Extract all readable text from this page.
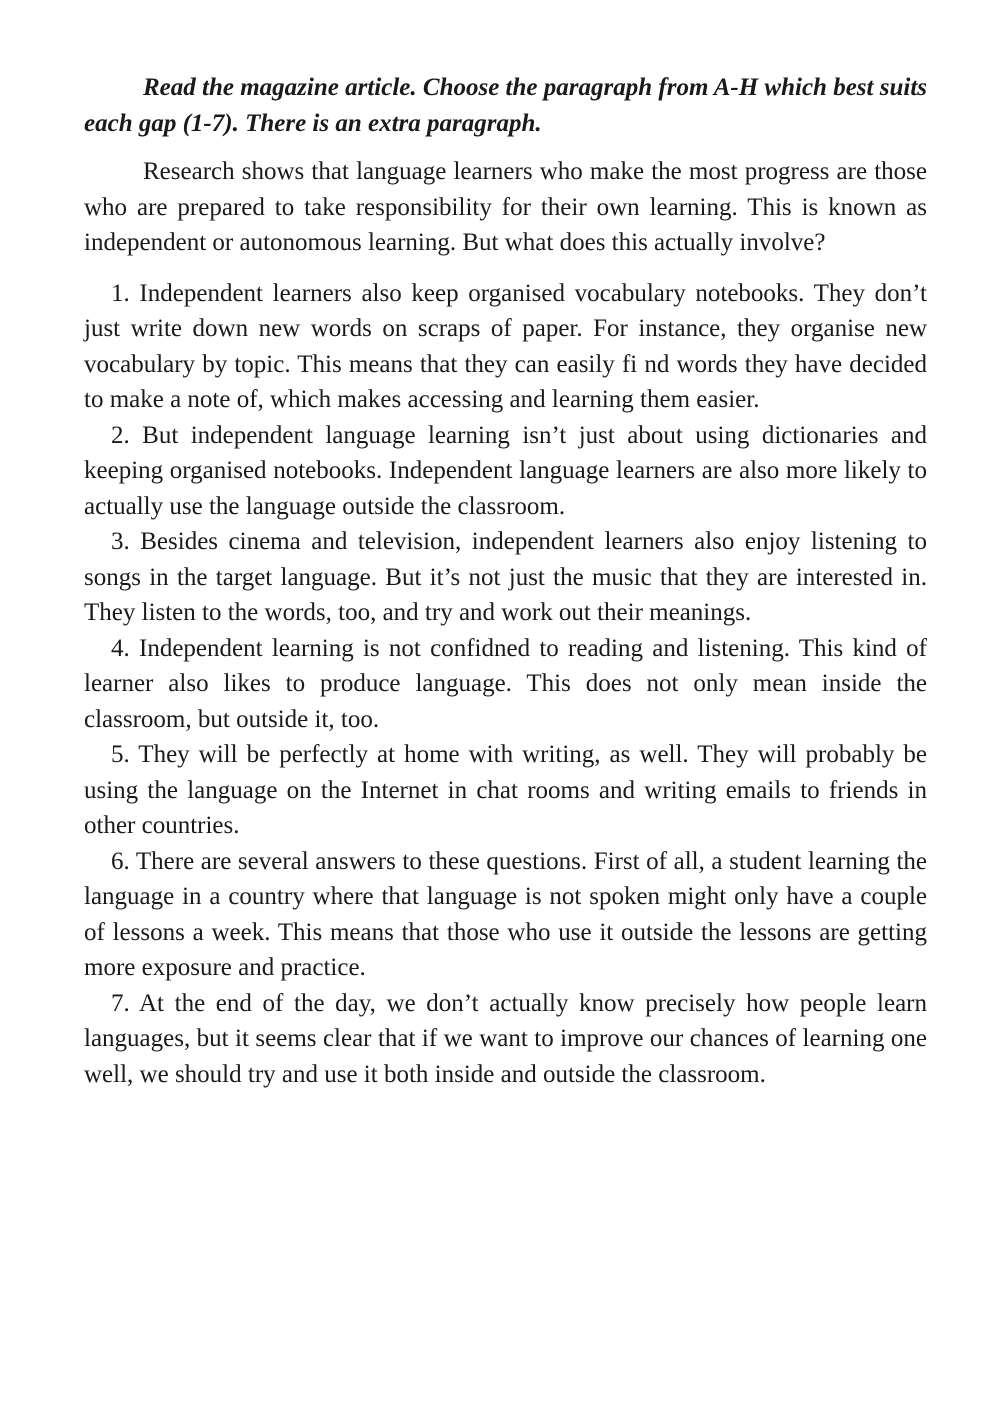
Read the magazine article. Choose the paragraph from A-H which best suits each gap (1-7). There is an extra paragraph.

Research shows that language learners who make the most progress are those who are prepared to take responsibility for their own learning. This is known as independent or autonomous learning. But what does this actually involve?

1. Independent learners also keep organised vocabulary notebooks. They don’t just write down new words on scraps of paper. For instance, they organise new vocabulary by topic. This means that they can easily fi nd words they have decided to make a note of, which makes accessing and learning them easier.

2. But independent language learning isn’t just about using dictionaries and keeping organised notebooks. Independent language learners are also more likely to actually use the language outside the classroom.

3. Besides cinema and television, independent learners also enjoy listening to songs in the target language. But it’s not just the music that they are interested in. They listen to the words, too, and try and work out their meanings.

4. Independent learning is not confidned to reading and listening. This kind of learner also likes to produce language. This does not only mean inside the classroom, but outside it, too.

5. They will be perfectly at home with writing, as well. They will probably be using the language on the Internet in chat rooms and writing emails to friends in other countries.

6. There are several answers to these questions. First of all, a student learning the language in a country where that language is not spoken might only have a couple of lessons a week. This means that those who use it outside the lessons are getting more exposure and practice.

7. At the end of the day, we don’t actually know precisely how people learn languages, but it seems clear that if we want to improve our chances of learning one well, we should try and use it both inside and outside the classroom.
